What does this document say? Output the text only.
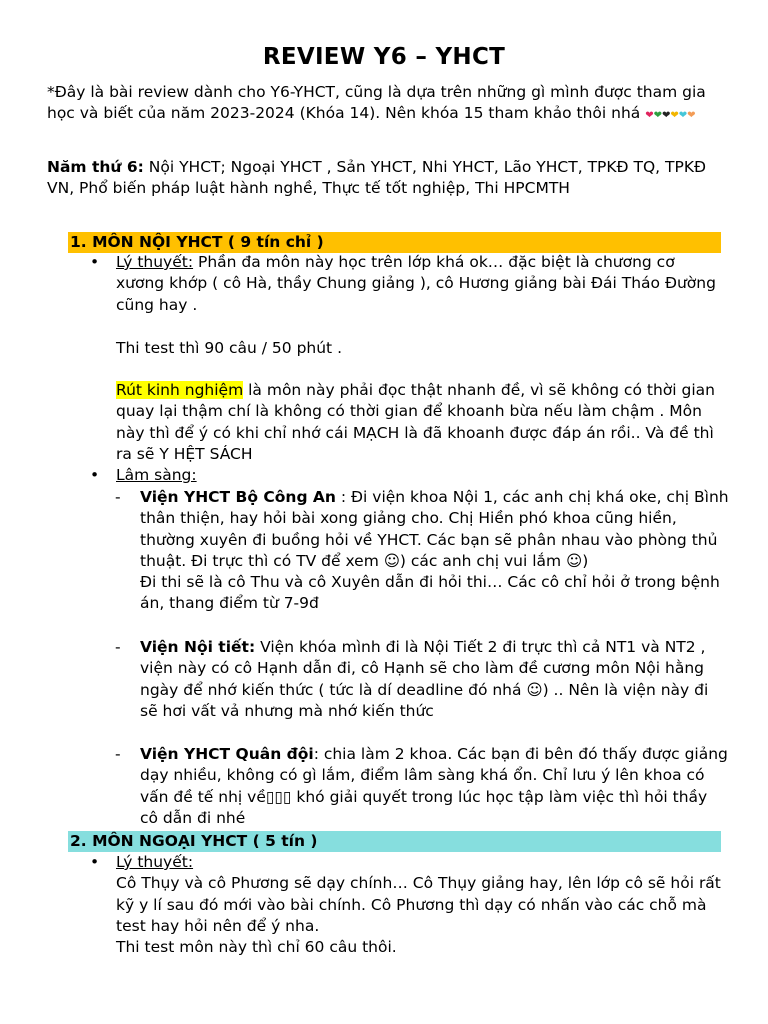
REVIEW Y6 – YHCT

*Đây là bài review dành cho Y6-YHCT, cũng là dựa trên những gì mình được tham gia học và biết của năm 2023-2024 (Khóa 14). Nên khóa 15 tham khảo thôi nhá ❤❤❤❤❤❤

Năm thứ 6: Nội YHCT; Ngoại YHCT , Sản YHCT, Nhi YHCT, Lão YHCT, TPKĐ TQ, TPKĐ VN, Phổ biến pháp luật hành nghề, Thực tế tốt nghiệp, Thi HPCMTH

1. MÔN NỘI YHCT ( 9 tín chỉ )
•	Lý thuyết: Phần đa môn này học trên lớp khá ok… đặc biệt là chương cơ xương khớp ( cô Hà, thầy Chung giảng ), cô Hương giảng bài Đái Tháo Đường cũng hay .

Thi test thì 90 câu / 50 phút .

Rút kinh nghiệm là môn này phải đọc thật nhanh đề, vì sẽ không có thời gian quay lại thậm chí là không có thời gian để khoanh bừa nếu làm chậm . Môn này thì để ý có khi chỉ nhớ cái MẠCH là đã khoanh được đáp án rồi.. Và đề thì ra sẽ Y HỆT SÁCH

•	Lâm sàng:

- Viện YHCT Bộ Công An : Đi viện khoa Nội 1, các anh chị khá oke, chị Bình thân thiện, hay hỏi bài xong giảng cho. Chị Hiền phó khoa cũng hiền, thường xuyên đi buồng hỏi về YHCT. Các bạn sẽ phân nhau vào phòng thủ thuật. Đi trực thì có TV để xem ☺) các anh chị vui lắm ☺)
Đi thi sẽ là cô Thu và cô Xuyên dẫn đi hỏi thi… Các cô chỉ hỏi ở trong bệnh án, thang điểm từ 7-9đ

- Viện Nội tiết: Viện khóa mình đi là Nội Tiết 2 đi trực thì cả NT1 và NT2 , viện này có cô Hạnh dẫn đi, cô Hạnh sẽ cho làm đề cương môn Nội hằng ngày để nhớ kiến thức ( tức là dí deadline đó nhá ☺) .. Nên là viện này đi sẽ hơi vất vả nhưng mà nhớ kiến thức

- Viện YHCT Quân đội: chia làm 2 khoa. Các bạn đi bên đó thấy được giảng dạy nhiều, không có gì lắm, điểm lâm sàng khá ổn. Chỉ lưu ý lên khoa có vấn đề tế nhị về▯▯▯ khó giải quyết trong lúc học tập làm việc thì hỏi thầy cô dẫn đi nhé

2. MÔN NGOẠI YHCT ( 5 tín )
•	Lý thuyết:
Cô Thụy và cô Phương sẽ dạy chính… Cô Thụy giảng hay, lên lớp cô sẽ hỏi rất kỹ y lí sau đó mới vào bài chính. Cô Phương thì dạy có nhấn vào các chỗ mà test hay hỏi nên để ý nha.
Thi test môn này thì chỉ 60 câu thôi.
